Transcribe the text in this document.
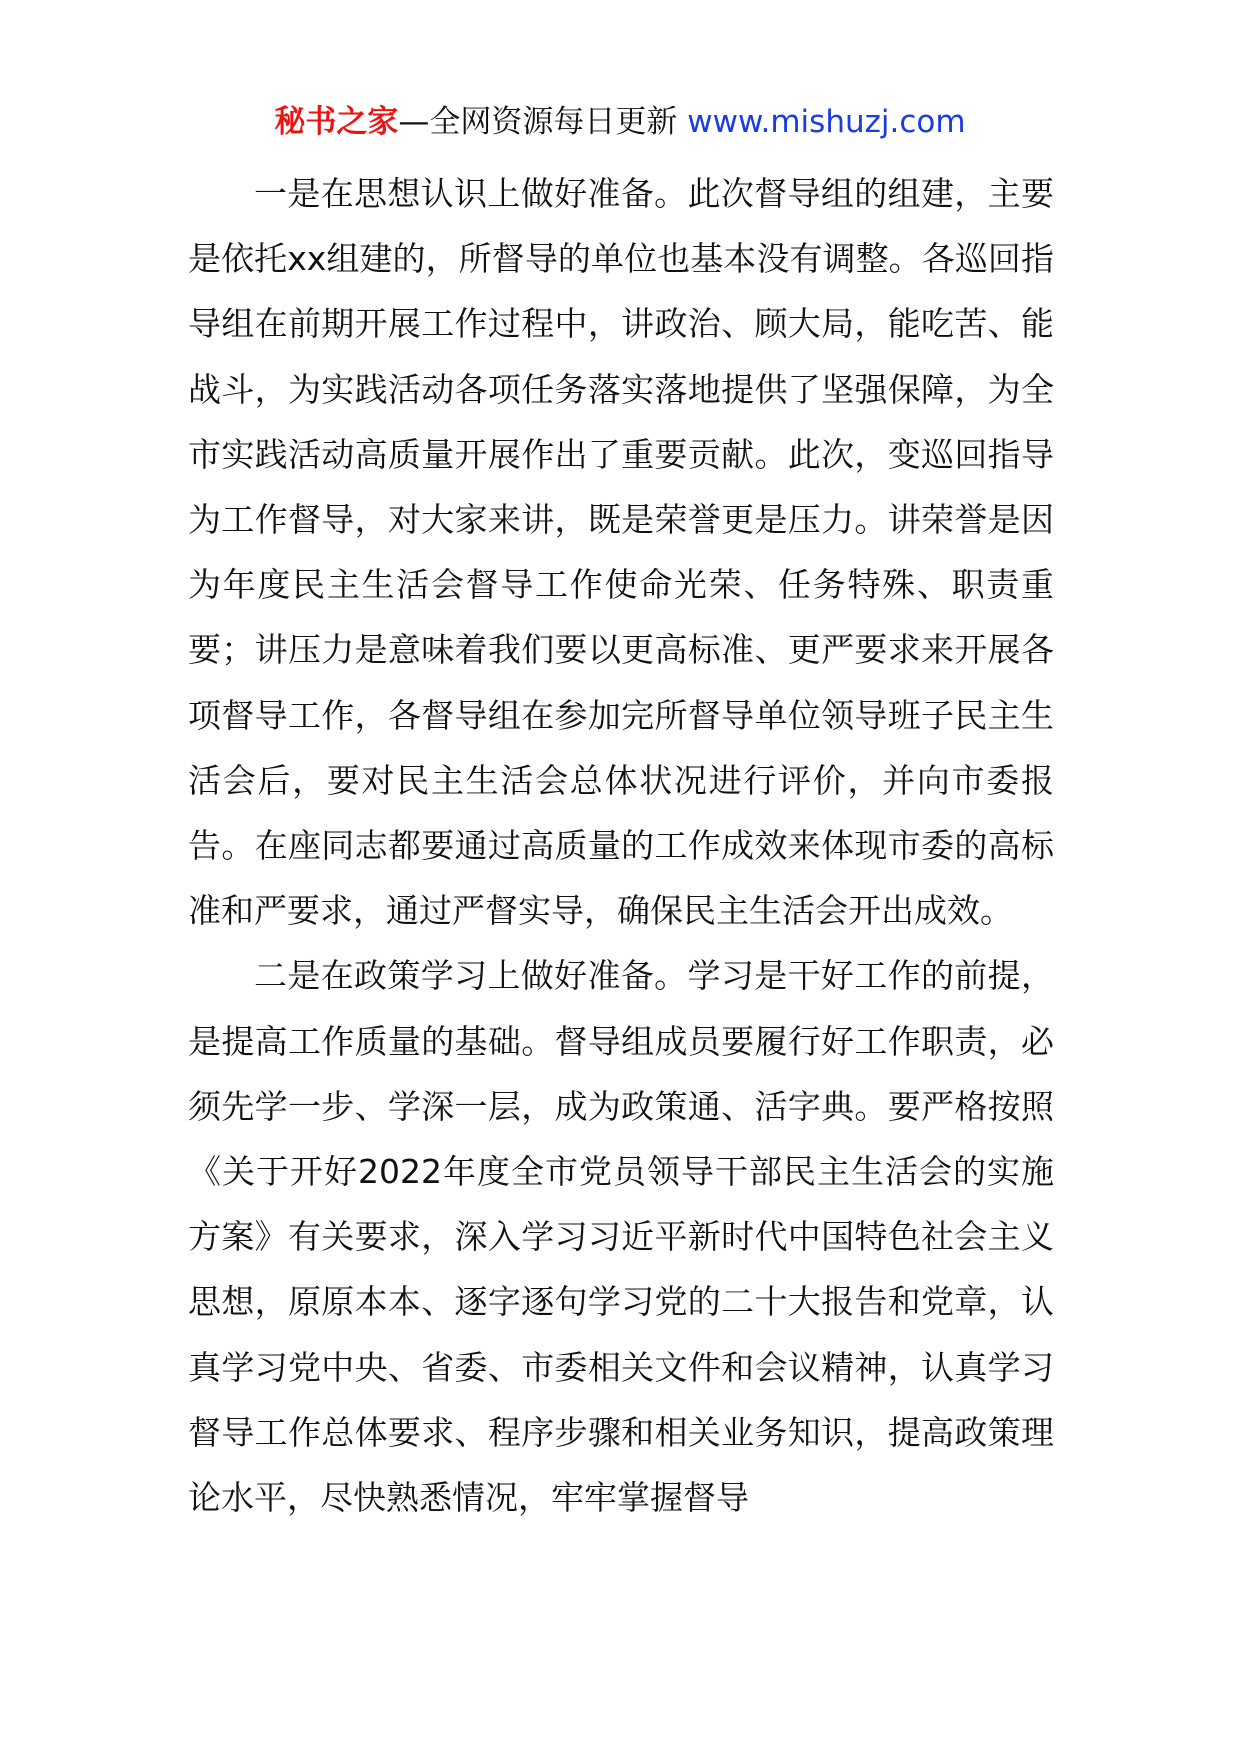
秘书之家—全网资源每日更新 www.mishuzj.com

一是在思想认识上做好准备。此次督导组的组建，主要是依托xx组建的，所督导的单位也基本没有调整。各巡回指导组在前期开展工作过程中，讲政治、顾大局，能吃苦、能战斗，为实践活动各项任务落实落地提供了坚强保障，为全市实践活动高质量开展作出了重要贡献。此次，变巡回指导为工作督导，对大家来讲，既是荣誉更是压力。讲荣誉是因为年度民主生活会督导工作使命光荣、任务特殊、职责重要；讲压力是意味着我们要以更高标准、更严要求来开展各项督导工作，各督导组在参加完所督导单位领导班子民主生活会后，要对民主生活会总体状况进行评价，并向市委报告。在座同志都要通过高质量的工作成效来体现市委的高标准和严要求，通过严督实导，确保民主生活会开出成效。

二是在政策学习上做好准备。学习是干好工作的前提，是提高工作质量的基础。督导组成员要履行好工作职责，必须先学一步、学深一层，成为政策通、活字典。要严格按照《关于开好2022年度全市党员领导干部民主生活会的实施方案》有关要求，深入学习习近平新时代中国特色社会主义思想，原原本本、逐字逐句学习党的二十大报告和党章，认真学习党中央、省委、市委相关文件和会议精神，认真学习督导工作总体要求、程序步骤和相关业务知识，提高政策理论水平，尽快熟悉情况，牢牢掌握督导
